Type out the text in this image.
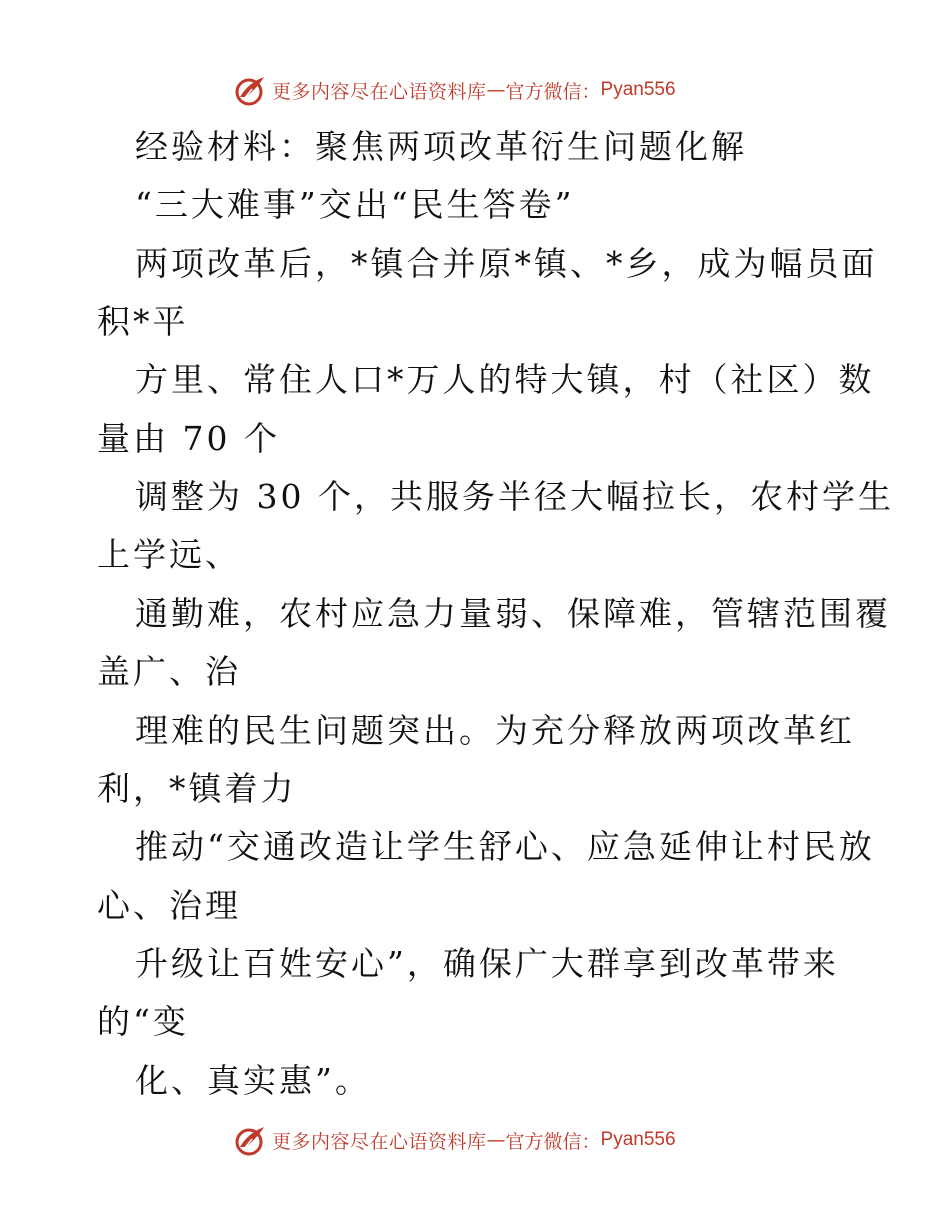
更多内容尽在心语资料库 — 官方微信： Pyan556
经验材料：聚焦两项改革衍生问题化解
“三大难事”交出“民生答卷”
两项改革后，*镇合并原*镇、*乡，成为幅员面
积*平
方里、常住人口*万人的特大镇，村（社区）数
量由 70 个
调整为 30 个，共服务半径大幅拉长，农村学生
上学远、
通勤难，农村应急力量弱、保障难，管辖范围覆
盖广、治
理难的民生问题突出。为充分释放两项改革红
利，*镇着力
推动“交通改造让学生舒心、应急延伸让村民放
心、治理
升级让百姓安心”，确保广大群享到改革带来
的“变
化、真实惠”。
更多内容尽在心语资料库 — 官方微信： Pyan556
